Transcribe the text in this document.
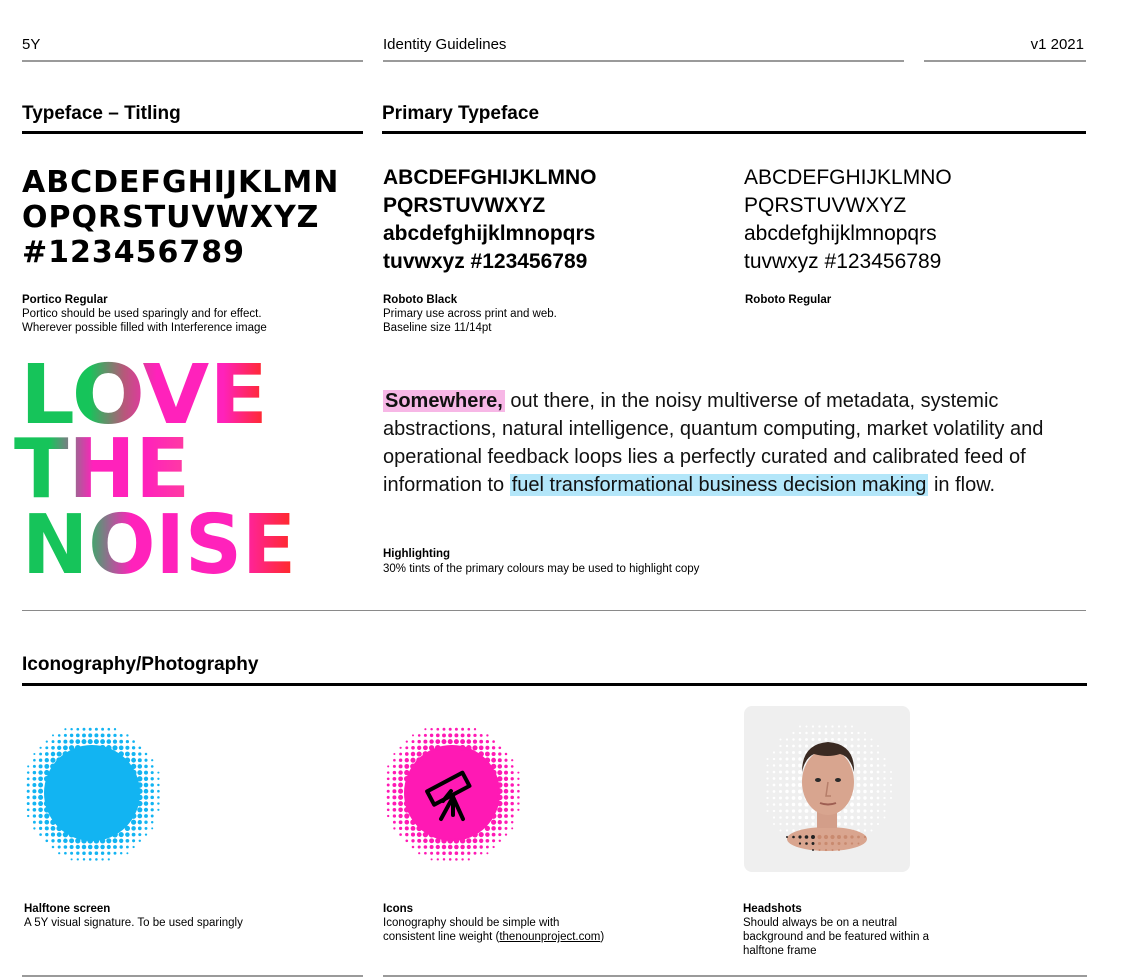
5Y	Identity Guidelines	v1 2021
Typeface – Titling
ABCDEFGHIJKLMN
OPQRSTUVWXYZ
#123456789
Portico Regular
Portico should be used sparingly and for effect.
Wherever possible filled with Interference image
Primary Typeface
ABCDEFGHIJKLMNO
PQRSTUVWXYZ
abcdefghijklmnopqrs
tuvwxyz #123456789
ABCDEFGHIJKLMNO
PQRSTUVWXYZ
abcdefghijklmnopqrs
tuvwxyz #123456789
Roboto Black
Primary use across print and web.
Baseline size 11/14pt
Roboto Regular
LOVE
THE
NOISE
Somewhere, out there, in the noisy multiverse of metadata, systemic abstractions, natural intelligence, quantum computing, market volatility and operational feedback loops lies a perfectly curated and calibrated feed of information to fuel transformational business decision making in flow.
Highlighting
30% tints of the primary colours may be used to highlight copy
Iconography/Photography
Halftone screen
A 5Y visual signature. To be used sparingly
Icons
Iconography should be simple with
consistent line weight (thenounproject.com)
Headshots
Should always be on a neutral
background and be featured within a
halftone frame
